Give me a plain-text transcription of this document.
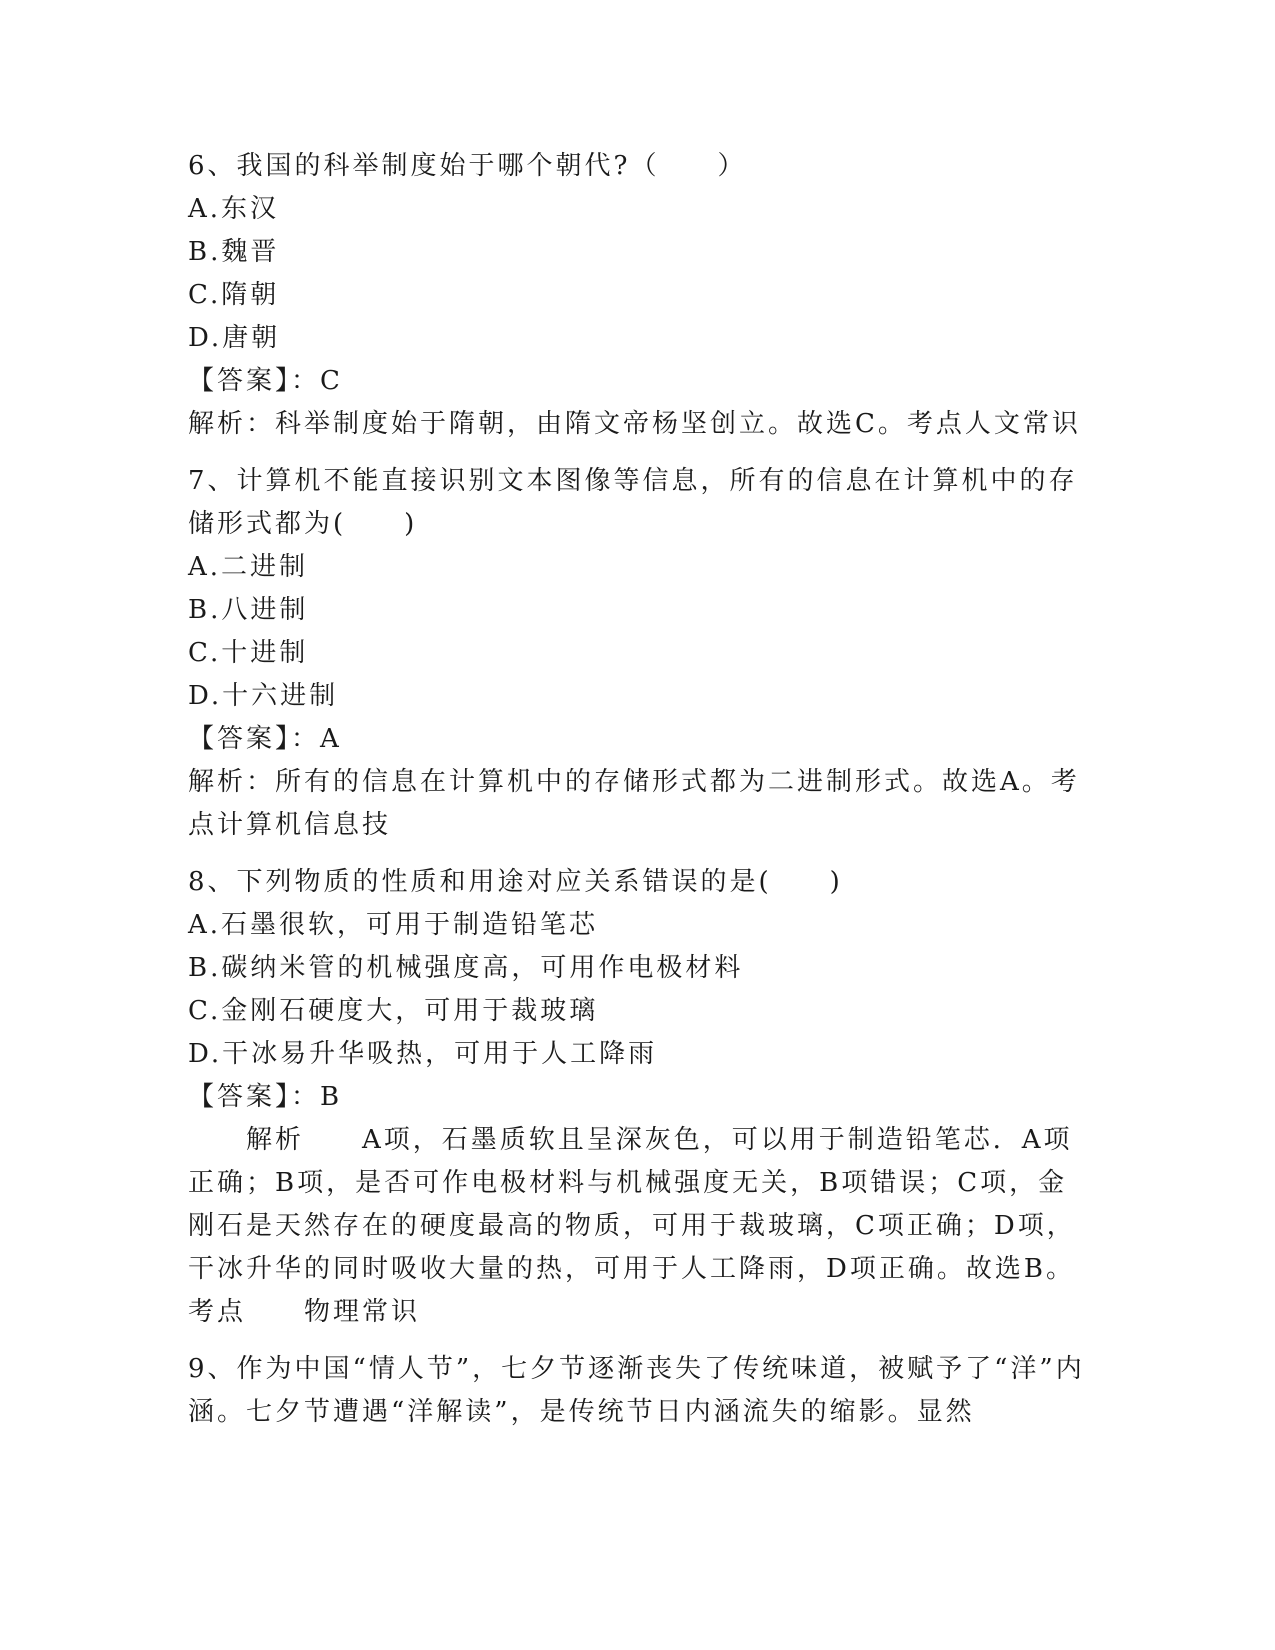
6、我国的科举制度始于哪个朝代?（　　）
A.东汉
B.魏晋
C.隋朝
D.唐朝
【答案】：C
解析：科举制度始于隋朝，由隋文帝杨坚创立。故选C。考点人文常识
7、计算机不能直接识别文本图像等信息，所有的信息在计算机中的存储形式都为(　　)
A.二进制
B.八进制
C.十进制
D.十六进制
【答案】：A
解析：所有的信息在计算机中的存储形式都为二进制形式。故选A。考点计算机信息技
8、下列物质的性质和用途对应关系错误的是(　　)
A.石墨很软，可用于制造铅笔芯
B.碳纳米管的机械强度高，可用作电极材料
C.金刚石硬度大，可用于裁玻璃
D.干冰易升华吸热，可用于人工降雨
【答案】：B
解析　　A项，石墨质软且呈深灰色，可以用于制造铅笔芯．A项正确；B项，是否可作电极材料与机械强度无关，B项错误；C项，金刚石是天然存在的硬度最高的物质，可用于裁玻璃，C项正确；D项，干冰升华的同时吸收大量的热，可用于人工降雨，D项正确。故选B。考点　　物理常识
9、作为中国“情人节”，七夕节逐渐丧失了传统味道，被赋予了“洋”内涵。七夕节遭遇“洋解读”，是传统节日内涵流失的缩影。显然
